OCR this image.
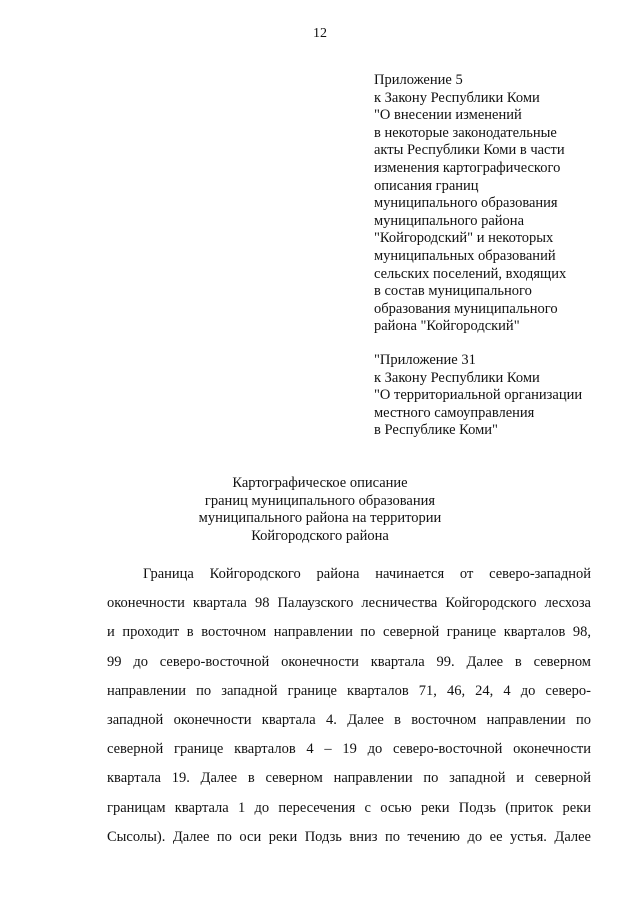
12
Приложение 5
к Закону Республики Коми
"О внесении изменений
в некоторые законодательные
акты Республики Коми в части
изменения картографического
описания границ
муниципального образования
муниципального района
"Койгородский" и некоторых
муниципальных образований
сельских поселений, входящих
в состав муниципального
образования муниципального
района "Койгородский"
"Приложение 31
к Закону Республики Коми
"О территориальной организации
местного самоуправления
в Республике Коми"
Картографическое описание
границ муниципального образования
муниципального района на территории
Койгородского района
Граница Койгородского района начинается от северо-западной
оконечности квартала 98 Палаузского лесничества Койгородского лесхоза
и проходит в восточном направлении по северной границе кварталов 98,
99 до северо-восточной оконечности квартала 99. Далее в северном
направлении по западной границе кварталов 71, 46, 24, 4 до северо-
западной оконечности квартала 4. Далее в восточном направлении по
северной границе кварталов 4 – 19 до северо-восточной оконечности
квартала 19. Далее в северном направлении по западной и северной
границам квартала 1 до пересечения с осью реки Подзь (приток реки
Сысолы). Далее по оси реки Подзь вниз по течению до ее устья. Далее
